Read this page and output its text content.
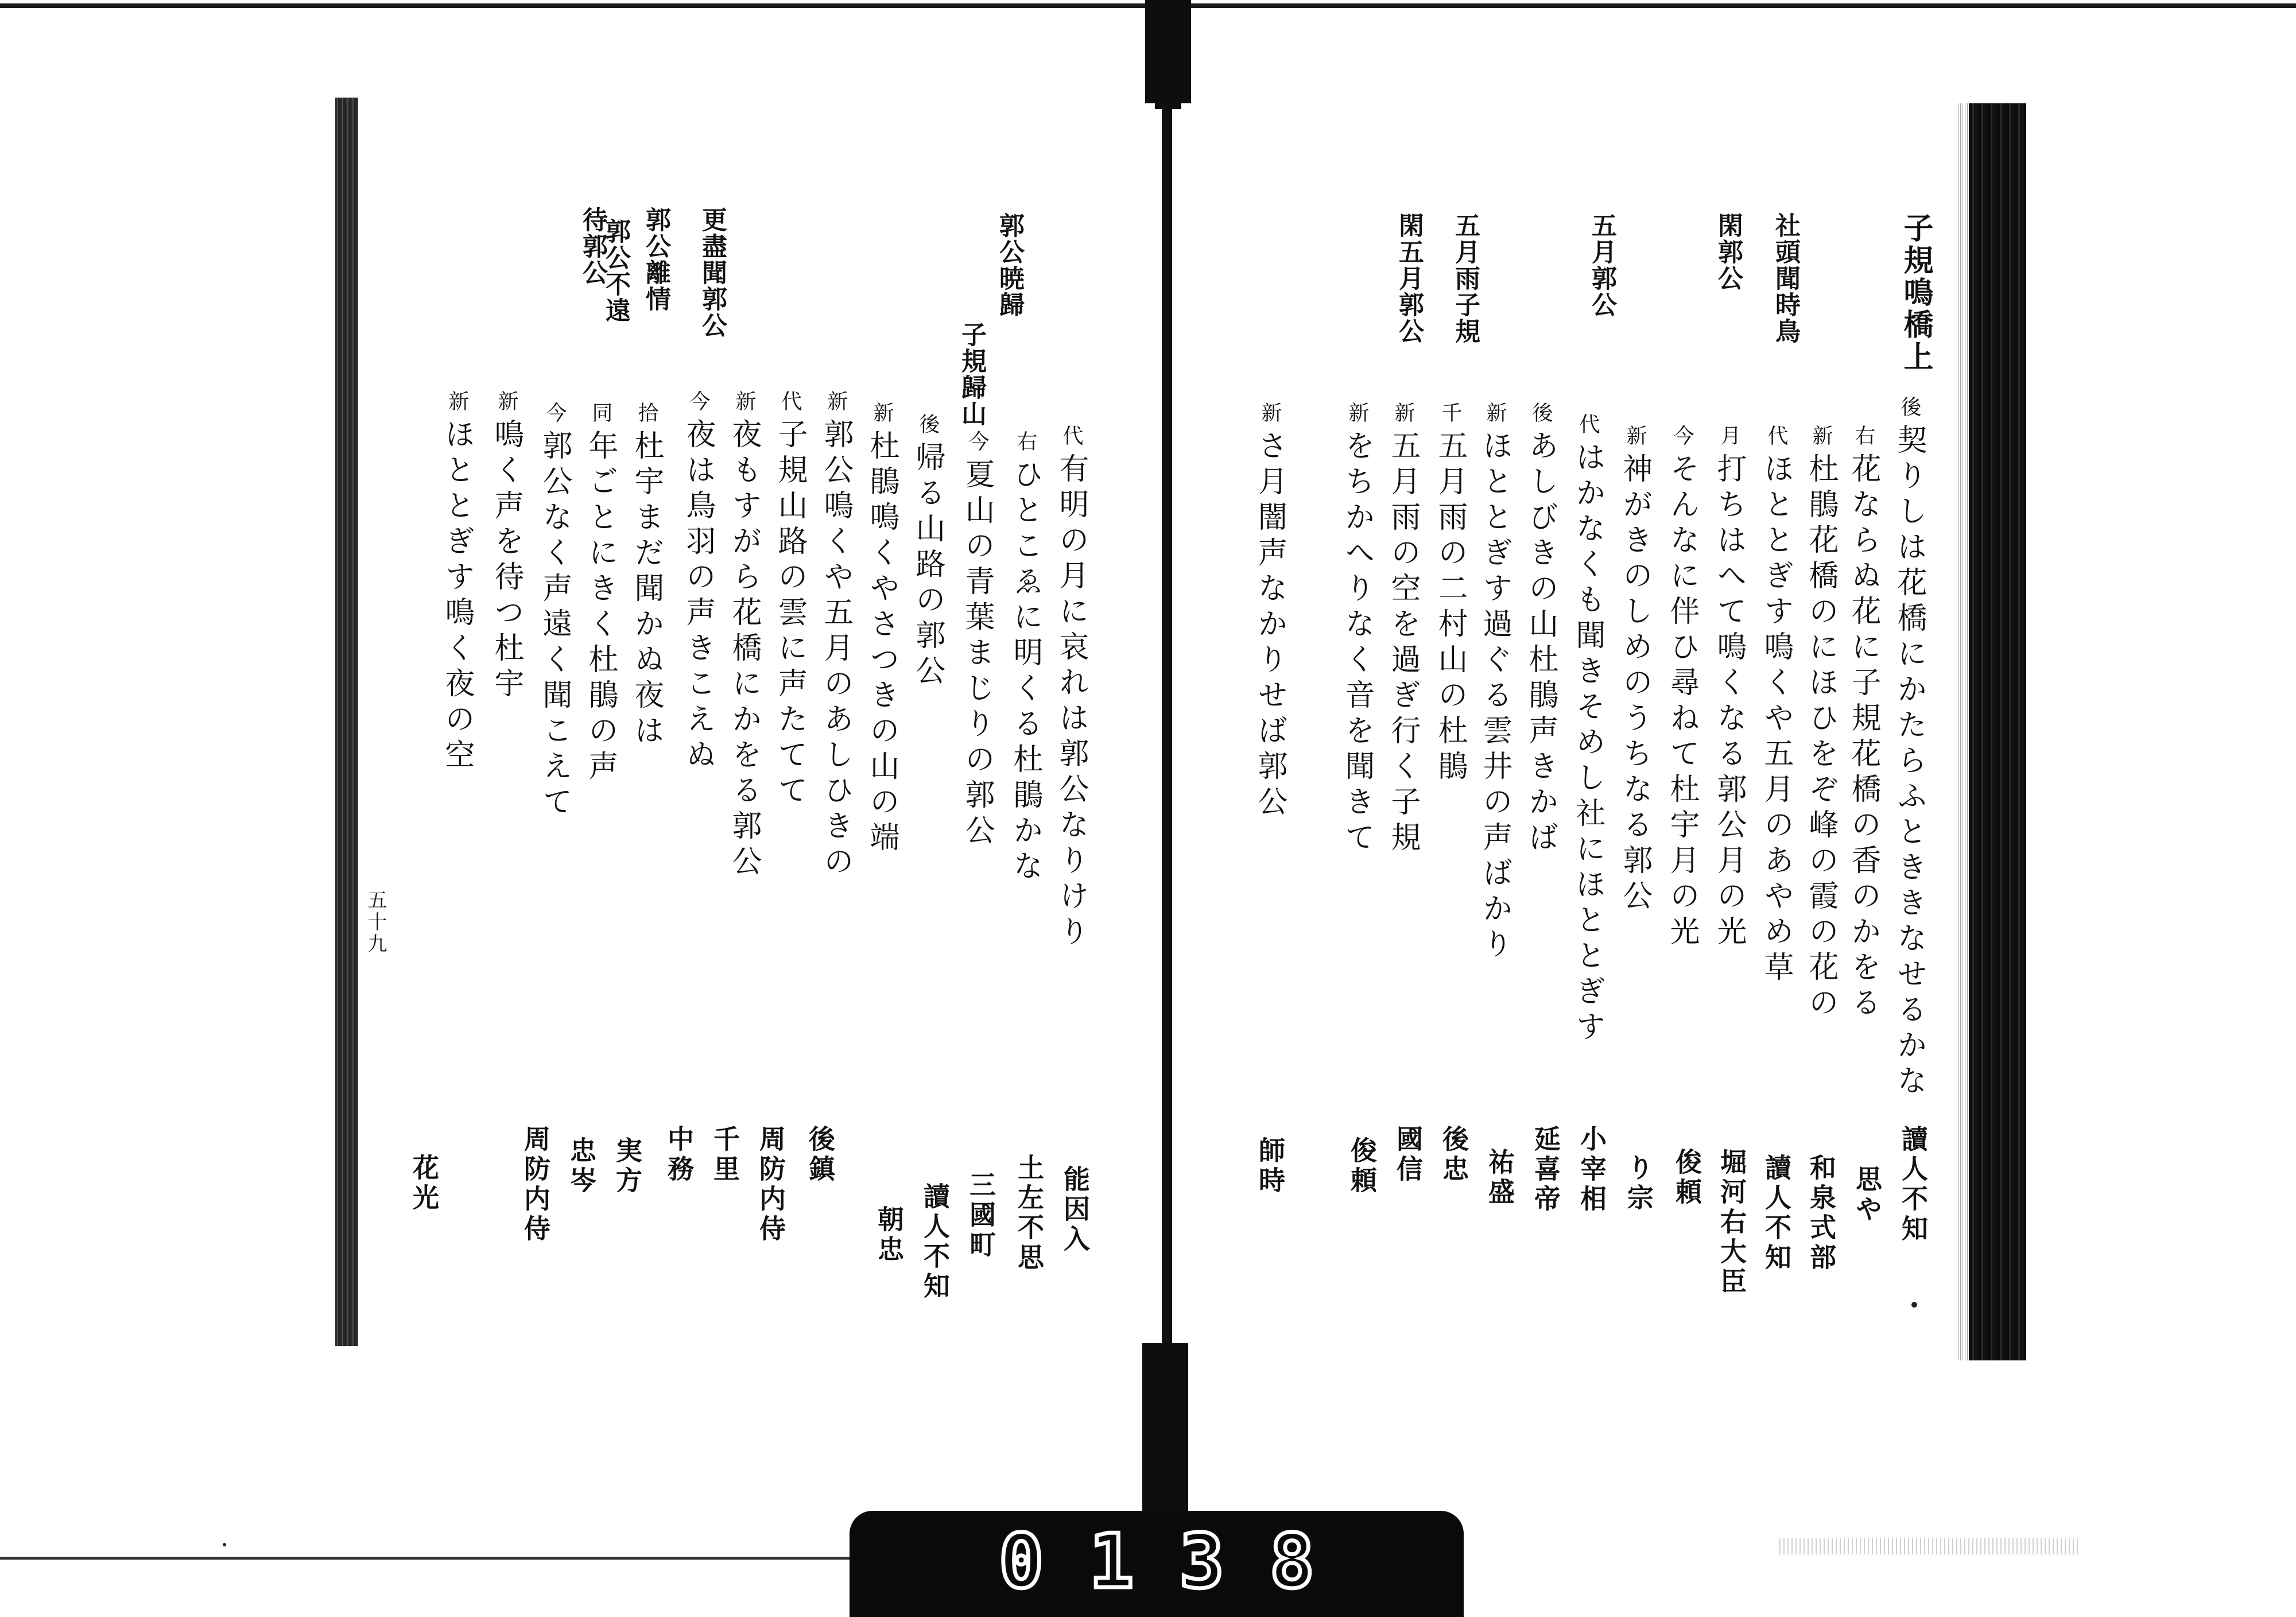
0 1 3 8
子規鳴橋上
社頭聞時鳥
閑郭公
五月郭公
五月雨子規
閑五月郭公
後 契りしは花橋にかたらふとききなせるかな
讀人不知
右 花ならぬ花に子規花橋の香のかをる
思や
新 杜鵑花橋のにほひをぞ峰の霞の花の
和泉式部
代 ほととぎす鳴くや五月のあやめ草
讀人不知
月 打ちはへて鳴くなる郭公月の光
堀河右大臣
今 そんなに伴ひ尋ねて杜宇月の光
俊頼
新 神がきのしめのうちなる郭公
り宗
代 はかなくも聞きそめし社にほととぎす
小宰相
後 あしびきの山杜鵑声きかば
延喜帝
新 ほととぎす過ぐる雲井の声ばかり
祐盛
千 五月雨の二村山の杜鵑
後忠
新 五月雨の空を過ぎ行く子規
國信
新 をちかへりなく音を聞きて
俊頼
新 さ月闇声なかりせば郭公
師時
郭公暁歸
子規歸山
更盡聞郭公
郭公離情
郭公不遠
待郭公
代 有明の月に哀れは郭公なりけり
能因入
右 ひとこゑに明くる杜鵑かな
土左不思
今 夏山の青葉まじりの郭公
三國町
後 帰る山路の郭公
讀人不知
新 杜鵑鳴くやさつきの山の端
朝忠
新 郭公鳴くや五月のあしひきの
代 子規山路の雲に声たてて
後鎮
新 夜もすがら花橋にかをる郭公
周防内侍
今 夜は鳥羽の声きこえぬ
千里
拾 杜宇まだ聞かぬ夜は
中務
同 年ごとにきく杜鵑の声
実方
今 郭公なく声遠く聞こえて
忠岑
新 鳴く声を待つ杜宇
周防内侍
新 ほととぎす鳴く夜の空
花光
五十九
